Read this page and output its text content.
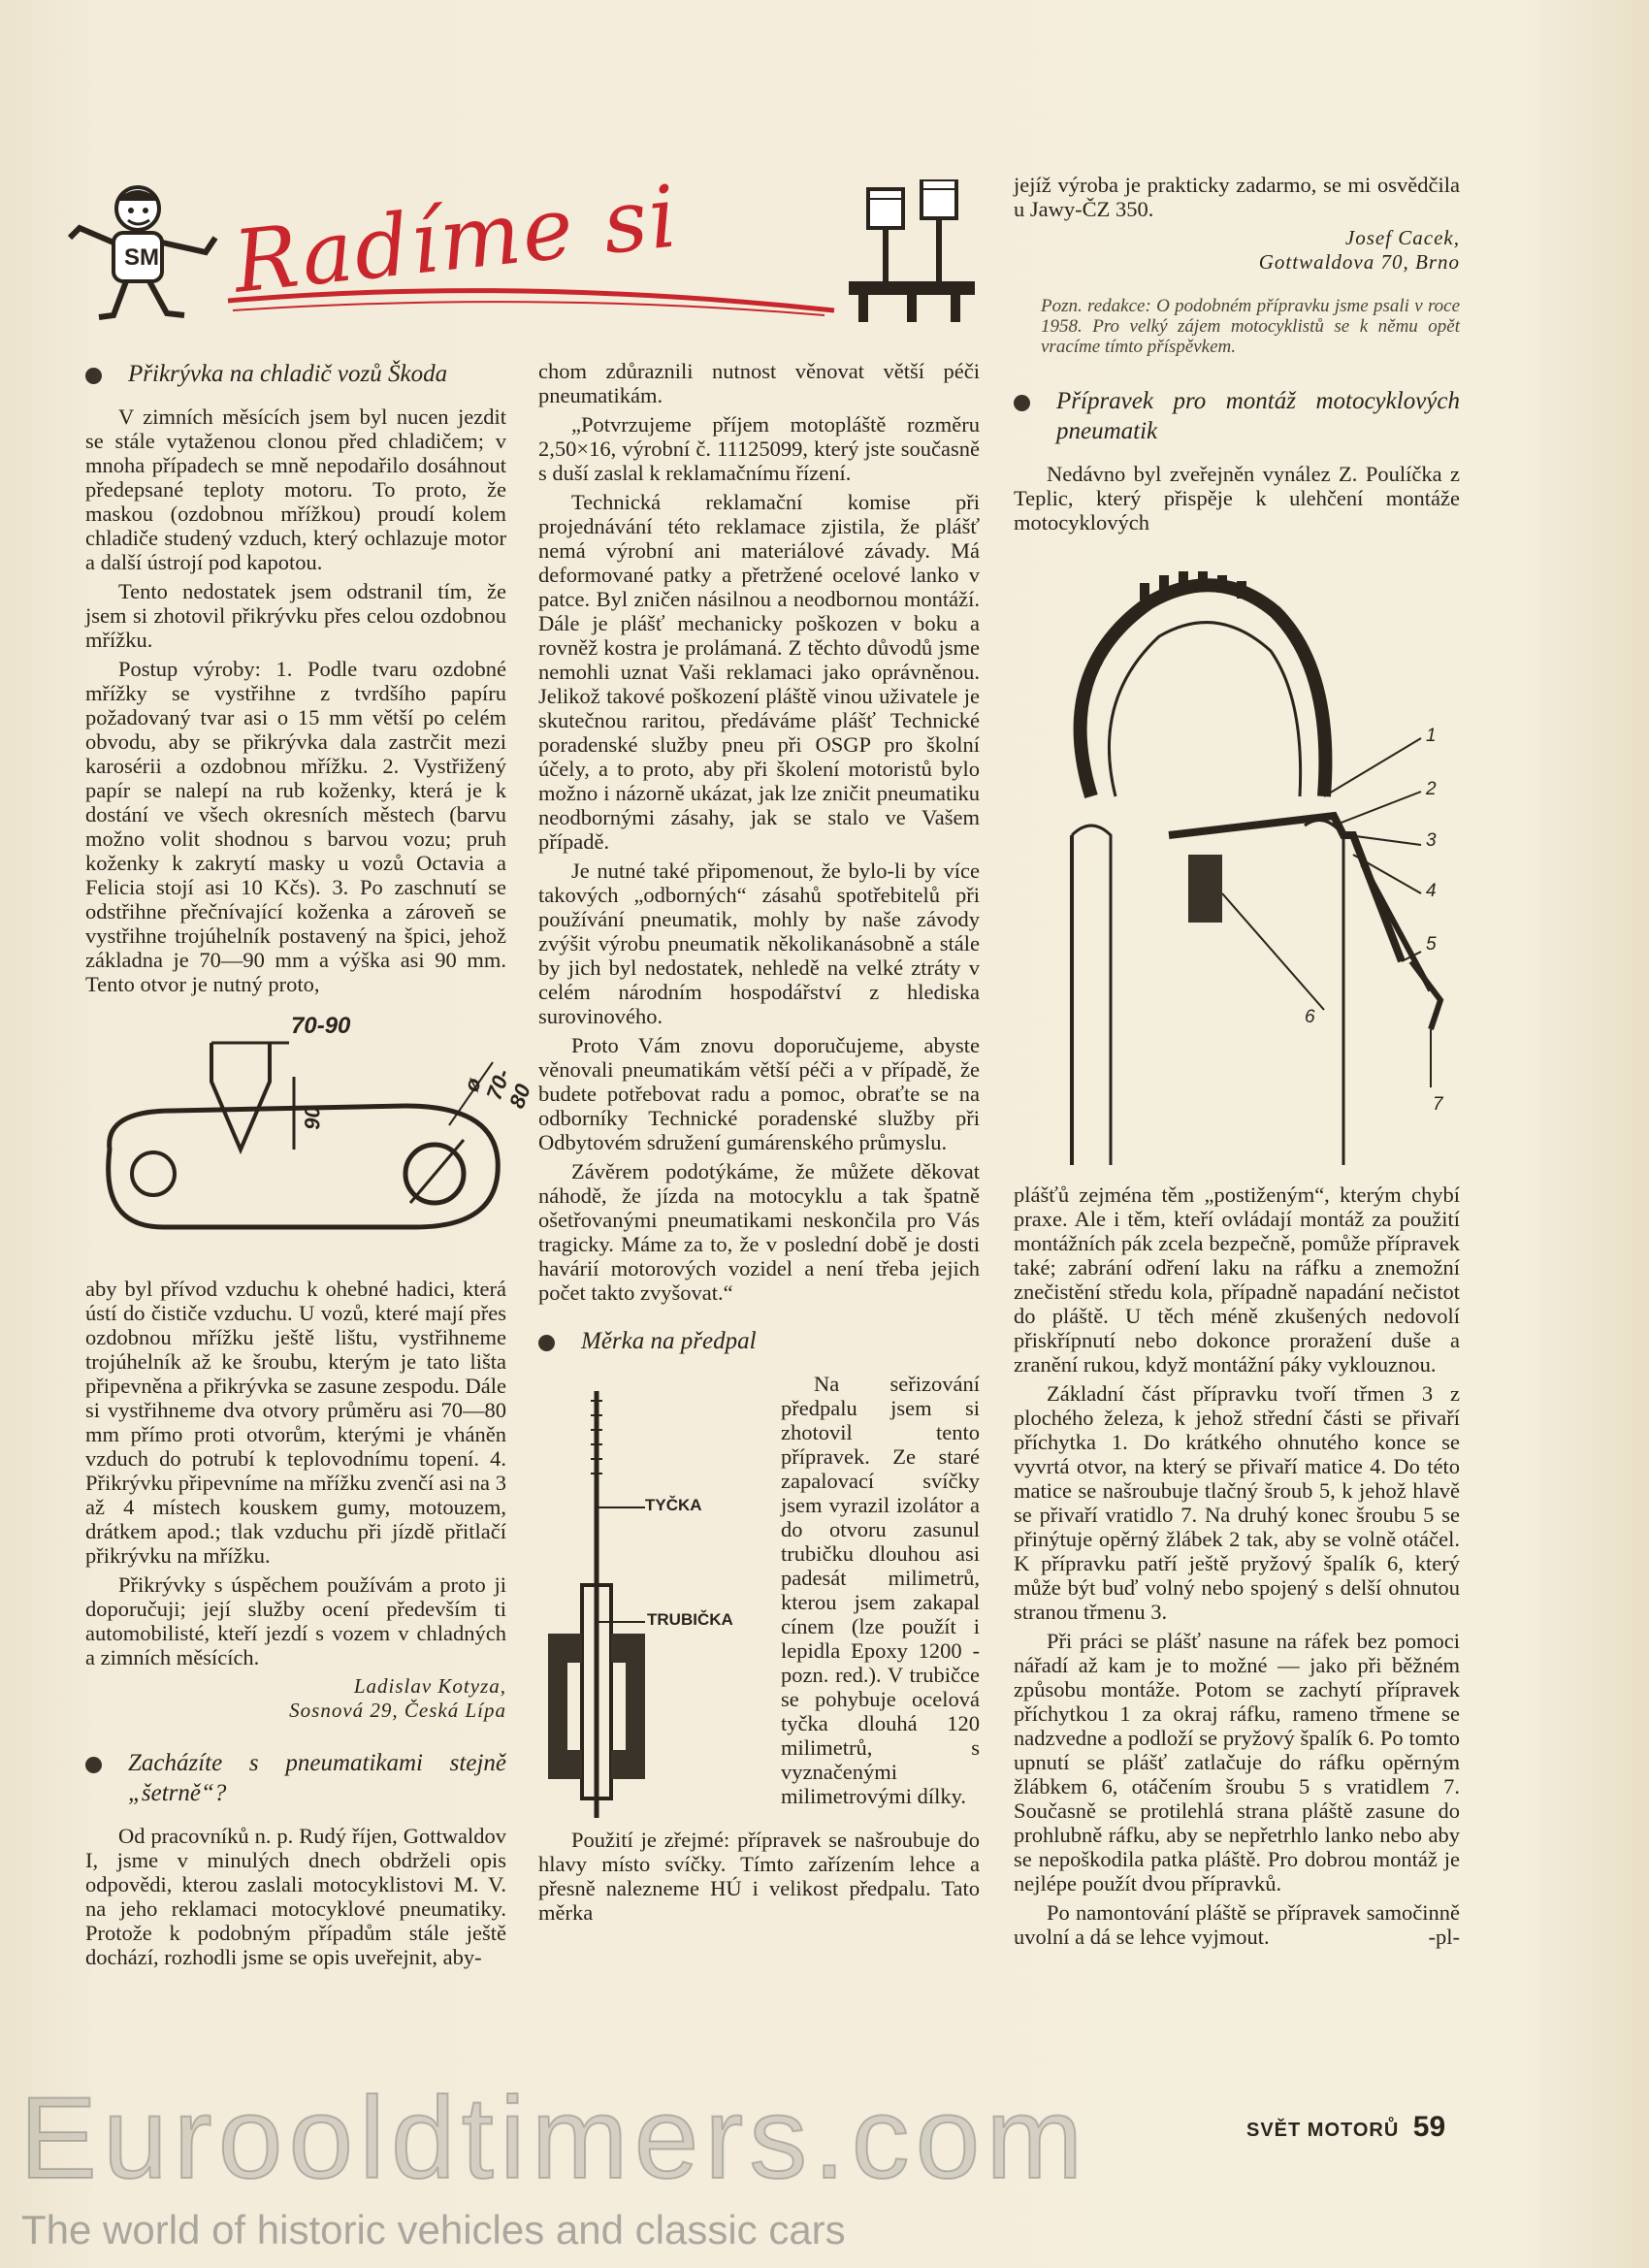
SM Radíme si
Přikrývka na chladič vozů Škoda

V zimních měsících jsem byl nucen jezdit se stále vytaženou clonou před chladičem; v mnoha případech se mně nepodařilo dosáhnout předepsané teploty motoru. To proto, že maskou (ozdobnou mřížkou) proudí kolem chladiče studený vzduch, který ochlazuje motor a další ústrojí pod kapotou.

Tento nedostatek jsem odstranil tím, že jsem si zhotovil přikrývku přes celou ozdobnou mřížku.

Postup výroby: 1. Podle tvaru ozdobné mřížky se vystřihne z tvrdšího papíru požadovaný tvar asi o 15 mm větší po celém obvodu, aby se přikrývka dala zastrčit mezi karosérii a ozdobnou mřížku. 2. Vystřižený papír se nalepí na rub koženky, která je k dostání ve všech okresních městech (barvu možno volit shodnou s barvou vozu; pruh koženky k zakrytí masky u vozů Octavia a Felicia stojí asi 10 Kčs). 3. Po zaschnutí se odstřihne přečnívající koženka a zároveň se vystřihne trojúhelník postavený na špici, jehož základna je 70—90 mm a výška asi 90 mm. Tento otvor je nutný proto,

70-90
ø 70-80
90

aby byl přívod vzduchu k ohebné hadici, která ústí do čističe vzduchu. U vozů, které mají přes ozdobnou mřížku ještě lištu, vystřihneme trojúhelník až ke šroubu, kterým je tato lišta připevněna a přikrývka se zasune zespodu. Dále si vystřihneme dva otvory průměru asi 70—80 mm přímo proti otvorům, kterými je vháněn vzduch do potrubí k teplovodnímu topení. 4. Přikrývku připevníme na mřížku zvenčí asi na 3 až 4 místech kouskem gumy, motouzem, drátkem apod.; tlak vzduchu při jízdě přitlačí přikrývku na mřížku.

Přikrývky s úspěchem používám a proto ji doporučuji; její služby ocení především ti automobilisté, kteří jezdí s vozem v chladných a zimních měsících.

Ladislav Kotyza,
Sosnová 29, Česká Lípa
Zacházíte s pneumatikami stejně „šetrně“?

Od pracovníků n. p. Rudý říjen, Gottwaldov I, jsme v minulých dnech obdrželi opis odpovědi, kterou zaslali motocyklistovi M. V. na jeho reklamaci motocyklové pneumatiky. Protože k podobným případům stále ještě dochází, rozhodli jsme se opis uveřejnit, aby-

chom zdůraznili nutnost věnovat větší péči pneumatikám.

„Potvrzujeme příjem motopláště rozměru 2,50×16, výrobní č. 11125099, který jste současně s duší zaslal k reklamačnímu řízení.

Technická reklamační komise při projednávání této reklamace zjistila, že plášť nemá výrobní ani materiálové závady. Má deformované patky a přetržené ocelové lanko v patce. Byl zničen násilnou a neodbornou montáží. Dále je plášť mechanicky poškozen v boku a rovněž kostra je prolámaná. Z těchto důvodů jsme nemohli uznat Vaši reklamaci jako oprávněnou. Jelikož takové poškození pláště vinou uživatele je skutečnou raritou, předáváme plášť Technické poradenské služby pneu při OSGP pro školní účely, a to proto, aby při školení motoristů bylo možno i názorně ukázat, jak lze zničit pneumatiku neodbornými zásahy, jak se stalo ve Vašem případě.

Je nutné také připomenout, že bylo-li by více takových „odborných“ zásahů spotřebitelů při používání pneumatik, mohly by naše závody zvýšit výrobu pneumatik několikanásobně a stále by jich byl nedostatek, nehledě na velké ztráty v celém národním hospodářství z hlediska surovinového.

Proto Vám znovu doporučujeme, abyste věnovali pneumatikám větší péči a v případě, že budete potřebovat radu a pomoc, obraťte se na odborníky Technické poradenské služby při Odbytovém sdružení gumárenského průmyslu.

Závěrem podotýkáme, že můžete děkovat náhodě, že jízda na motocyklu a tak špatně ošetřovanými pneumatikami neskončila pro Vás tragicky. Máme za to, že v poslední době je dosti havárií motorových vozidel a není třeba jejich počet takto zvyšovat.“

Měrka na předpal
TYČKA
TRUBIČKA

Na seřizování předpalu jsem si zhotovil tento přípravek. Ze staré zapalovací svíčky jsem vyrazil izolátor a do otvoru zasunul trubičku dlouhou asi padesát milimetrů, kterou jsem zakapal cínem (lze použít i lepidla Epoxy 1200 - pozn. red.). V trubičce se pohybuje ocelová tyčka dlouhá 120 milimetrů, s vyznačenými milimetrovými dílky.

Použití je zřejmé: přípravek se našroubuje do hlavy místo svíčky. Tímto zařízením lehce a přesně nalezneme HÚ i velikost předpalu. Tato měrka

jejíž výroba je prakticky zadarmo, se mi osvědčila u Jawy-ČZ 350.

Josef Cacek,
Gottwaldova 70, Brno
Pozn. redakce: O podobném přípravku jsme psali v roce 1958. Pro velký zájem motocyklistů se k němu opět vracíme tímto příspěvkem.
Přípravek pro montáž motocyklových pneumatik

Nedávno byl zveřejněn vynález Z. Poulíčka z Teplic, který přispěje k ulehčení montáže motocyklových

1
2
3
4
5
6
7

plášťů zejména těm „postiženým“, kterým chybí praxe. Ale i těm, kteří ovládají montáž za použití montážních pák zcela bezpečně, pomůže přípravek také; zabrání odření laku na ráfku a znemožní znečistění středu kola, případně napadání nečistot do pláště. U těch méně zkušených nedovolí přiskřípnutí nebo dokonce proražení duše a zranění rukou, když montážní páky vyklouznou.

Základní část přípravku tvoří třmen 3 z plochého železa, k jehož střední části se přivaří příchytka 1. Do krátkého ohnutého konce se vyvrtá otvor, na který se přivaří matice 4. Do této matice se našroubuje tlačný šroub 5, k jehož hlavě se přivaří vratidlo 7. Na druhý konec šroubu 5 se přinýtuje opěrný žlábek 2 tak, aby se volně otáčel. K přípravku patří ještě pryžový špalík 6, který může být buď volný nebo spojený s delší ohnutou stranou třmenu 3.

Při práci se plášť nasune na ráfek bez pomoci nářadí až kam je to možné — jako při běžném způsobu montáže. Potom se zachytí přípravek příchytkou 1 za okraj ráfku, rameno třmene se nadzvedne a podloží se pryžový špalík 6. Po tomto upnutí se plášť zatlačuje do ráfku opěrným žlábkem 6, otáčením šroubu 5 s vratidlem 7. Současně se protilehlá strana pláště zasune do prohlubně ráfku, aby se nepřetrhlo lanko nebo aby se nepoškodila patka pláště. Pro dobrou montáž je nejlépe použít dvou přípravků.

Po namontování pláště se přípravek samočinně uvolní a dá se lehce vyjmout.	-pl-

SVĚT MOTORŮ 59
Eurooldtimers.com
The world of historic vehicles and classic cars
